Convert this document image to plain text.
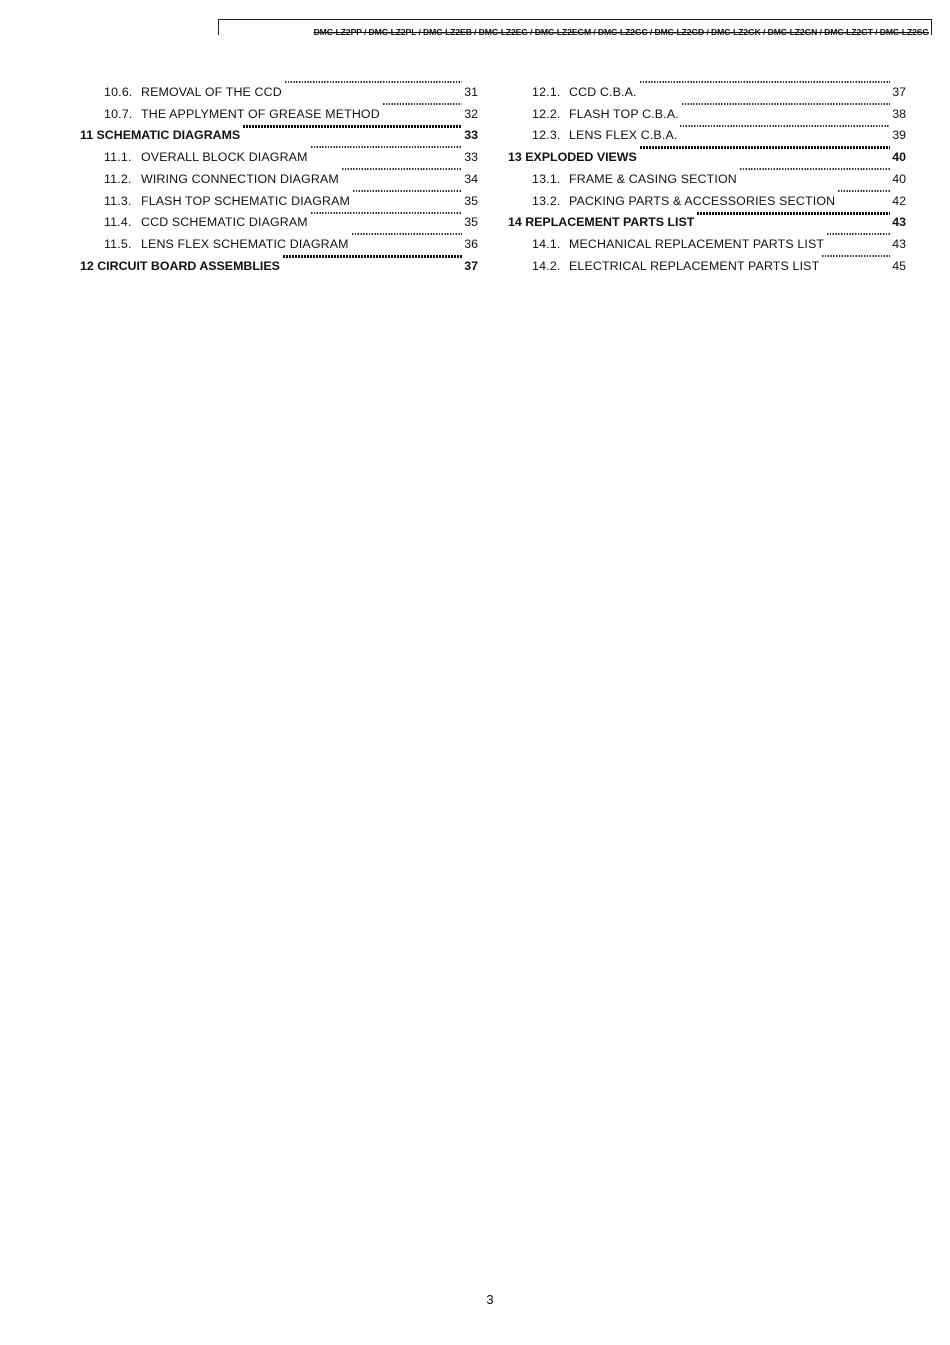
DMC-LZ2PP / DMC-LZ2PL / DMC-LZ2EB / DMC-LZ2EG / DMC-LZ2EGM / DMC-LZ2GC / DMC-LZ2GD / DMC-LZ2GK / DMC-LZ2GN / DMC-LZ2GT / DMC-LZ2SG
10.6. REMOVAL OF THE CCD	31
10.7. THE APPLYMENT OF GREASE METHOD	32
11 SCHEMATIC DIAGRAMS	33
11.1. OVERALL BLOCK DIAGRAM	33
11.2. WIRING CONNECTION DIAGRAM	34
11.3. FLASH TOP SCHEMATIC DIAGRAM	35
11.4. CCD SCHEMATIC DIAGRAM	35
11.5. LENS FLEX SCHEMATIC DIAGRAM	36
12 CIRCUIT BOARD ASSEMBLIES	37
12.1. CCD C.B.A.	37
12.2. FLASH TOP C.B.A.	38
12.3. LENS FLEX C.B.A.	39
13 EXPLODED VIEWS	40
13.1. FRAME & CASING SECTION	40
13.2. PACKING PARTS & ACCESSORIES SECTION	42
14 REPLACEMENT PARTS LIST	43
14.1. MECHANICAL REPLACEMENT PARTS LIST	43
14.2. ELECTRICAL REPLACEMENT PARTS LIST	45
3
